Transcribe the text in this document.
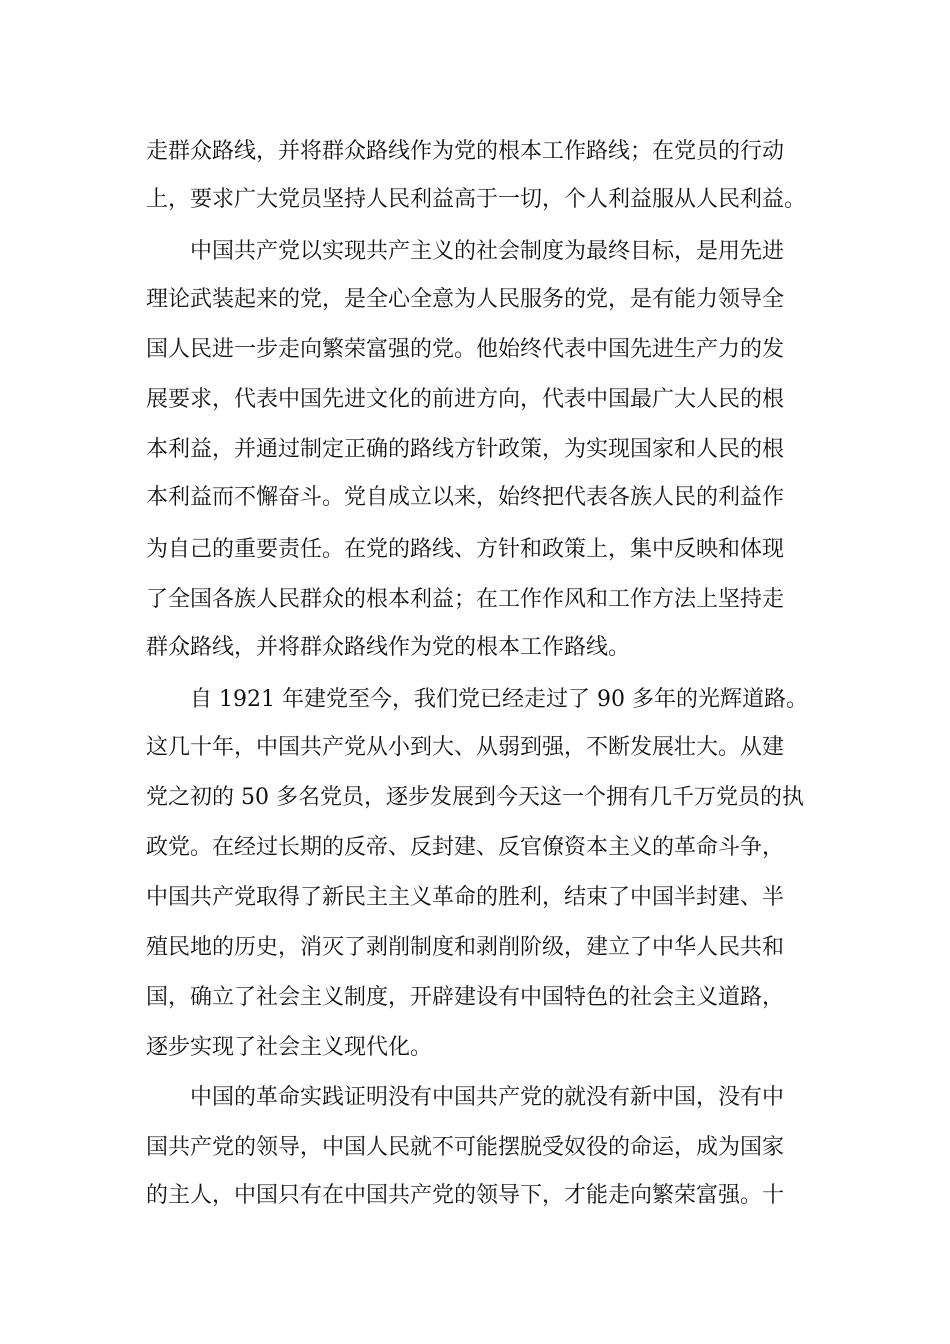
走群众路线，并将群众路线作为党的根本工作路线；在党员的行动
上，要求广大党员坚持人民利益高于一切，个人利益服从人民利益。
中国共产党以实现共产主义的社会制度为最终目标，是用先进
理论武装起来的党，是全心全意为人民服务的党，是有能力领导全
国人民进一步走向繁荣富强的党。他始终代表中国先进生产力的发
展要求，代表中国先进文化的前进方向，代表中国最广大人民的根
本利益，并通过制定正确的路线方针政策，为实现国家和人民的根
本利益而不懈奋斗。党自成立以来，始终把代表各族人民的利益作
为自己的重要责任。在党的路线、方针和政策上，集中反映和体现
了全国各族人民群众的根本利益；在工作作风和工作方法上坚持走
群众路线，并将群众路线作为党的根本工作路线。
自 1921 年建党至今，我们党已经走过了 90 多年的光辉道路。
这几十年，中国共产党从小到大、从弱到强，不断发展壮大。从建
党之初的 50 多名党员，逐步发展到今天这一个拥有几千万党员的执
政党。在经过长期的反帝、反封建、反官僚资本主义的革命斗争，
中国共产党取得了新民主主义革命的胜利，结束了中国半封建、半
殖民地的历史，消灭了剥削制度和剥削阶级，建立了中华人民共和
国，确立了社会主义制度，开辟建设有中国特色的社会主义道路，
逐步实现了社会主义现代化。
中国的革命实践证明没有中国共产党的就没有新中国，没有中
国共产党的领导，中国人民就不可能摆脱受奴役的命运，成为国家
的主人，中国只有在中国共产党的领导下，才能走向繁荣富强。十
